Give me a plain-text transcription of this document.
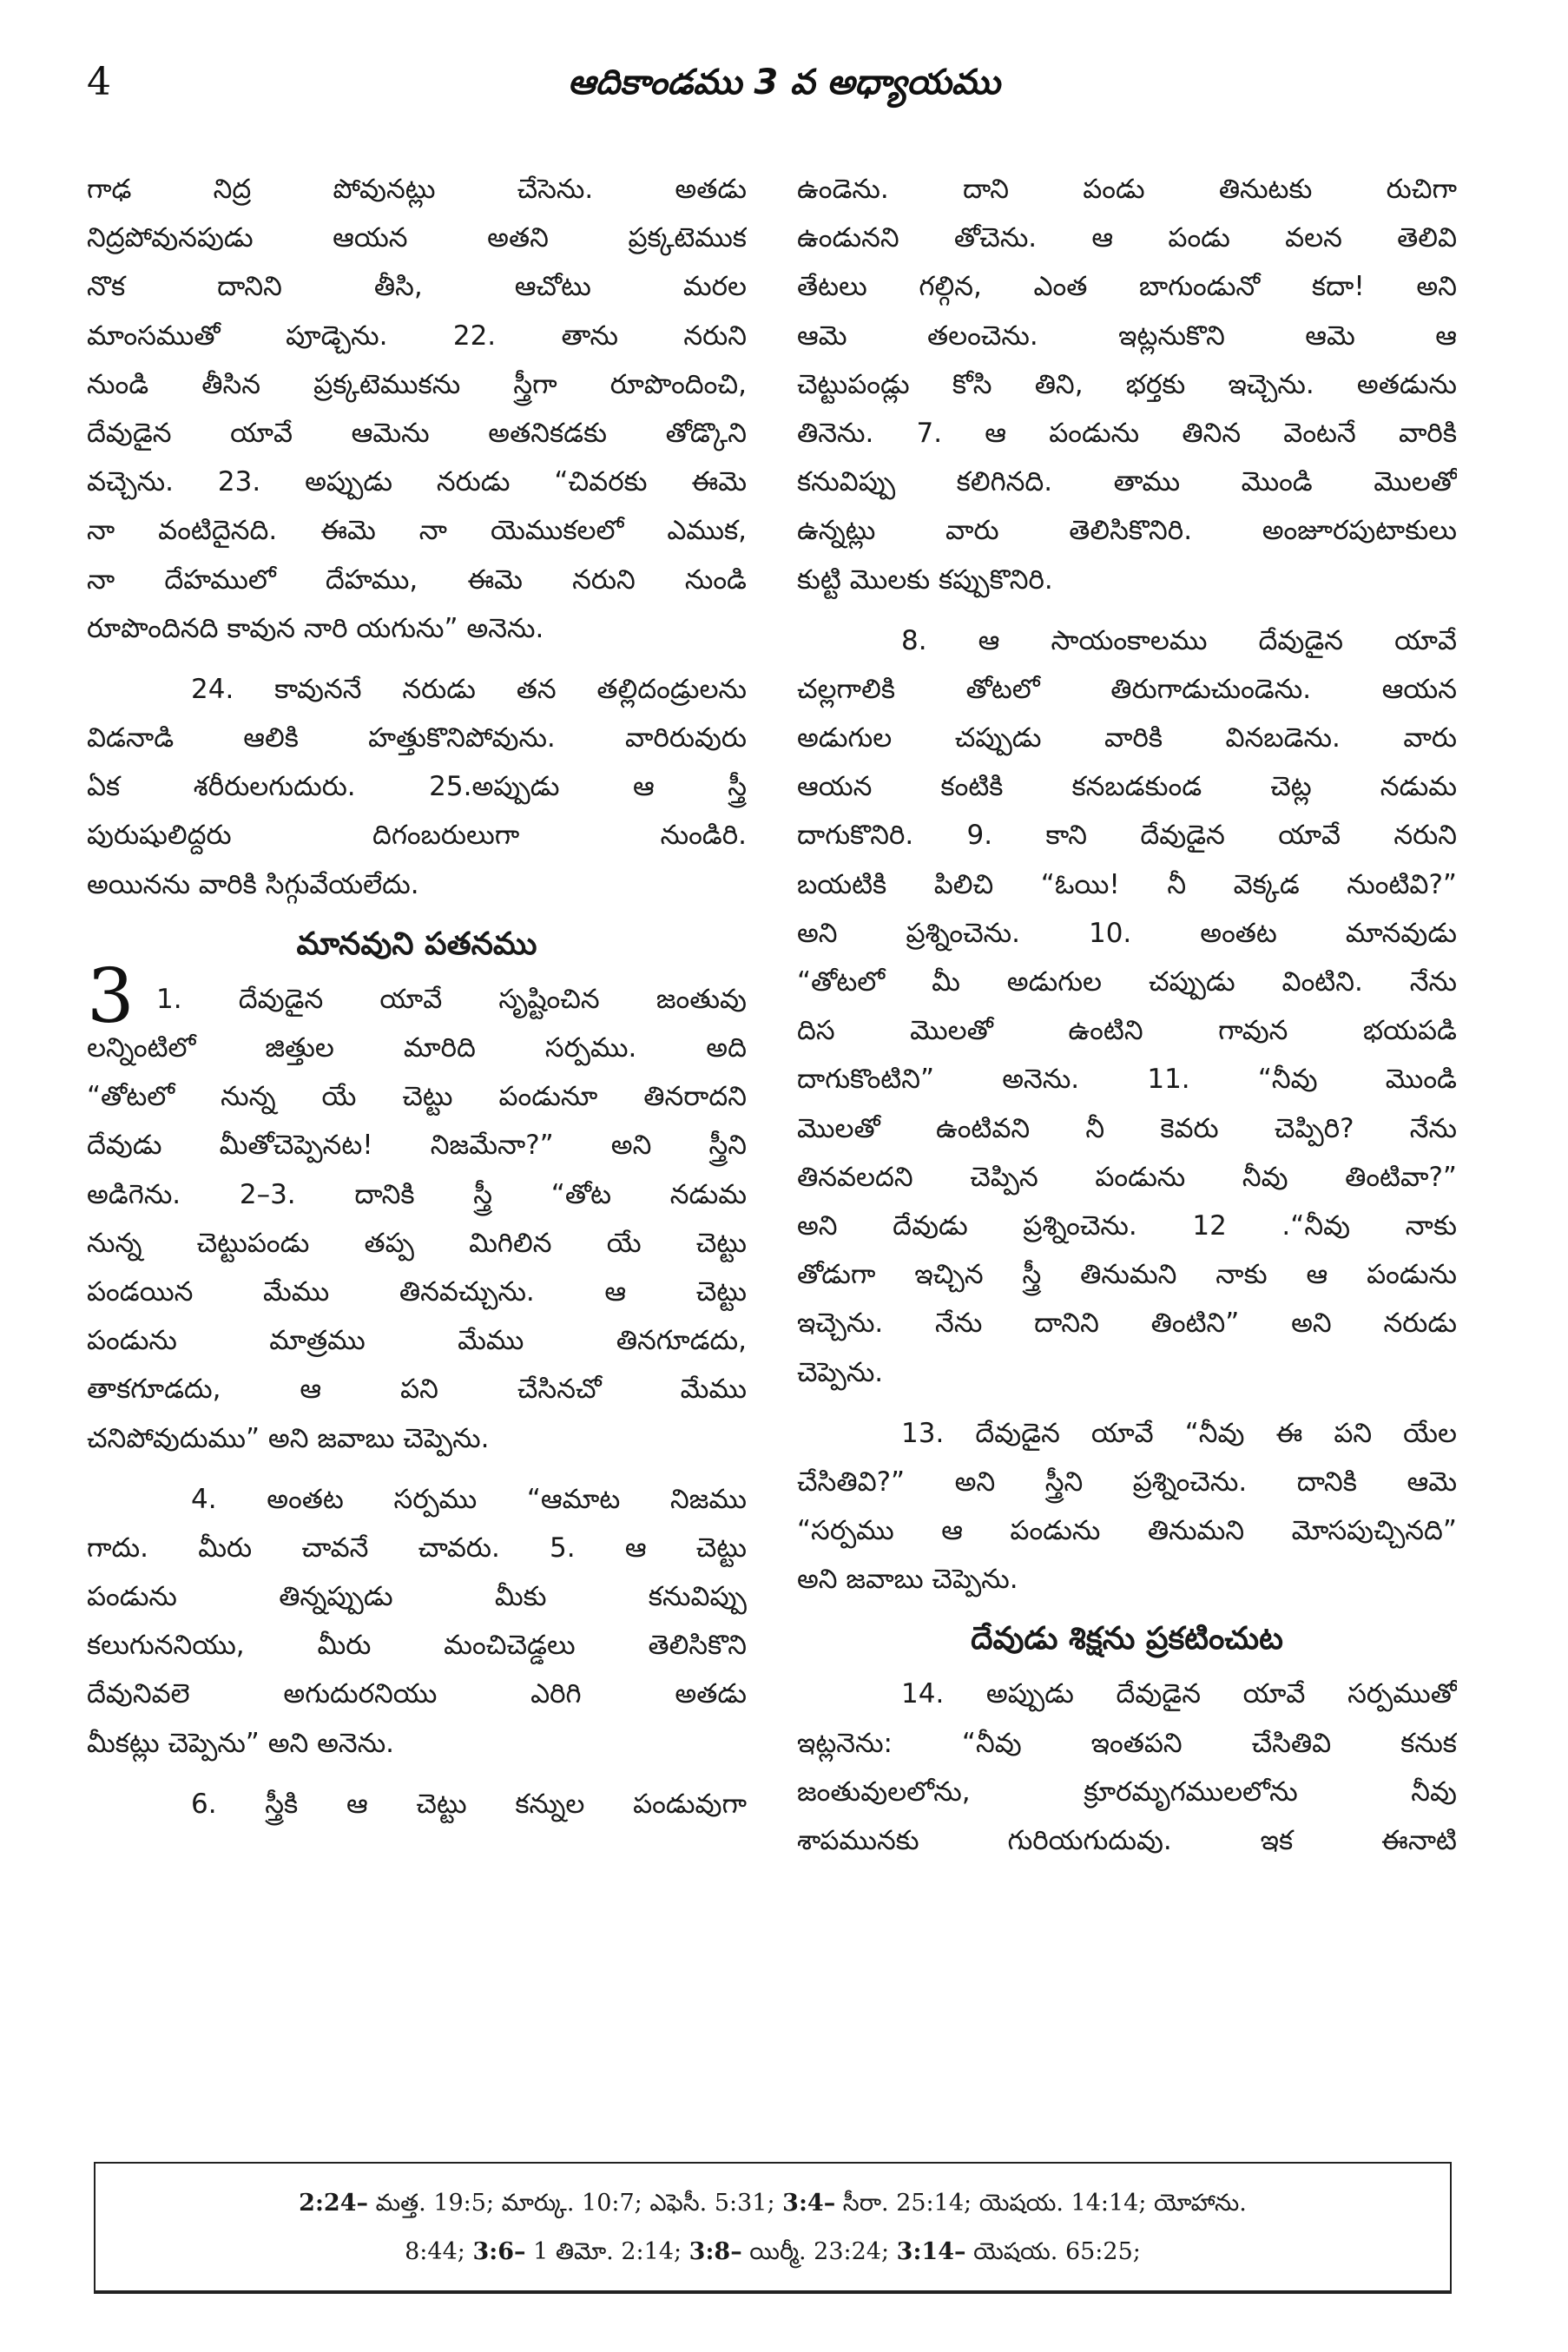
4	ఆదికాండము 3 వ అధ్యాయము
గాఢ నిద్ర పోవునట్లు చేసెను. అతడు
నిద్రపోవునపుడు ఆయన అతని ప్రక్కటెముక
నొక దానిని తీసి, ఆచోటు మరల
మాంసముతో పూడ్చెను. 22. తాను నరుని
నుండి తీసిన ప్రక్కటెముకను స్త్రీగా రూపొందించి,
దేవుడైన యావే ఆమెను అతనికడకు తోడ్కొని
వచ్చెను. 23. అప్పుడు నరుడు “చివరకు ఈమె
నా వంటిదైనది. ఈమె నా యెముకలలో ఎముక,
నా దేహములో దేహము, ఈమె నరుని నుండి
రూపొందినది కావున నారి యగును” అనెను.
24. కావుననే నరుడు తన తల్లిదండ్రులను
విడనాడి ఆలికి హత్తుకొనిపోవును. వారిరువురు
ఏక శరీరులగుదురు. 25.అప్పుడు ఆ స్త్రీ
పురుషులిద్దరు దిగంబరులుగా నుండిరి.
అయినను వారికి సిగ్గువేయలేదు.
మానవుని పతనము
3 1. దేవుడైన యావే సృష్టించిన జంతువు
లన్నింటిలో జిత్తుల మారిది సర్పము. అది
“తోటలో నున్న యే చెట్టు పండునూ తినరాదని
దేవుడు మీతోచెప్పెనట! నిజమేనా?” అని స్త్రీని
అడిగెను. 2–3. దానికి స్త్రీ “తోట నడుమ
నున్న చెట్టుపండు తప్ప మిగిలిన యే చెట్టు
పండయిన మేము తినవచ్చును. ఆ చెట్టు
పండును మాత్రము మేము తినగూడదు,
తాకగూడదు, ఆ పని చేసినచో మేము
చనిపోవుదుము” అని జవాబు చెప్పెను.
4. అంతట సర్పము “ఆమాట నిజము
గాదు. మీరు చావనే చావరు. 5. ఆ చెట్టు
పండును తిన్నప్పుడు మీకు కనువిప్పు
కలుగుననియు, మీరు మంచిచెడ్డలు తెలిసికొని
దేవునివలె అగుదురనియు ఎరిగి అతడు
మీకట్లు చెప్పెను” అని అనెను.
6. స్త్రీకి ఆ చెట్టు కన్నుల పండువుగా
ఉండెను. దాని పండు తినుటకు రుచిగా
ఉండునని తోచెను. ఆ పండు వలన తెలివి
తేటలు గల్గిన, ఎంత బాగుండునో కదా! అని
ఆమె తలంచెను. ఇట్లనుకొని ఆమె ఆ
చెట్టుపండ్లు కోసి తిని, భర్తకు ఇచ్చెను. అతడును
తినెను. 7. ఆ పండును తినిన వెంటనే వారికి
కనువిప్పు కలిగినది. తాము మొండి మొలతో
ఉన్నట్లు వారు తెలిసికొనిరి. అంజూరపుటాకులు
కుట్టి మొలకు కప్పుకొనిరి.
8. ఆ సాయంకాలము దేవుడైన యావే
చల్లగాలికి తోటలో తిరుగాడుచుండెను. ఆయన
అడుగుల చప్పుడు వారికి వినబడెను. వారు
ఆయన కంటికి కనబడకుండ చెట్ల నడుమ
దాగుకొనిరి. 9. కాని దేవుడైన యావే నరుని
బయటికి పిలిచి “ఓయి! నీ వెక్కడ నుంటివి?”
అని ప్రశ్నించెను. 10. అంతట మానవుడు
“తోటలో మీ అడుగుల చప్పుడు వింటిని. నేను
దిస మొలతో ఉంటిని గావున భయపడి
దాగుకొంటిని” అనెను. 11. “నీవు మొండి
మొలతో ఉంటివని నీ కెవరు చెప్పిరి? నేను
తినవలదని చెప్పిన పండును నీవు తింటివా?”
అని దేవుడు ప్రశ్నించెను. 12 .“నీవు నాకు
తోడుగా ఇచ్చిన స్త్రీ తినుమని నాకు ఆ పండును
ఇచ్చెను. నేను దానిని తింటిని” అని నరుడు
చెప్పెను.
13. దేవుడైన యావే “నీవు ఈ పని యేల
చేసితివి?” అని స్త్రీని ప్రశ్నించెను. దానికి ఆమె
“సర్పము ఆ పండును తినుమని మోసపుచ్చినది”
అని జవాబు చెప్పెను.
దేవుడు శిక్షను ప్రకటించుట
14. అప్పుడు దేవుడైన యావే సర్పముతో
ఇట్లనెను: “నీవు ఇంతపని చేసితివి కనుక
జంతువులలోను, క్రూరమృగములలోను నీవు
శాపమునకు గురియగుదువు. ఇక ఈనాటి
2:24– మత్త. 19:5; మార్కు. 10:7; ఎఫెసీ. 5:31; 3:4– సీరా. 25:14; యెషయ. 14:14; యోహాను.
8:44; 3:6– 1 తిమో. 2:14; 3:8– యిర్మీ. 23:24; 3:14– యెషయ. 65:25;
